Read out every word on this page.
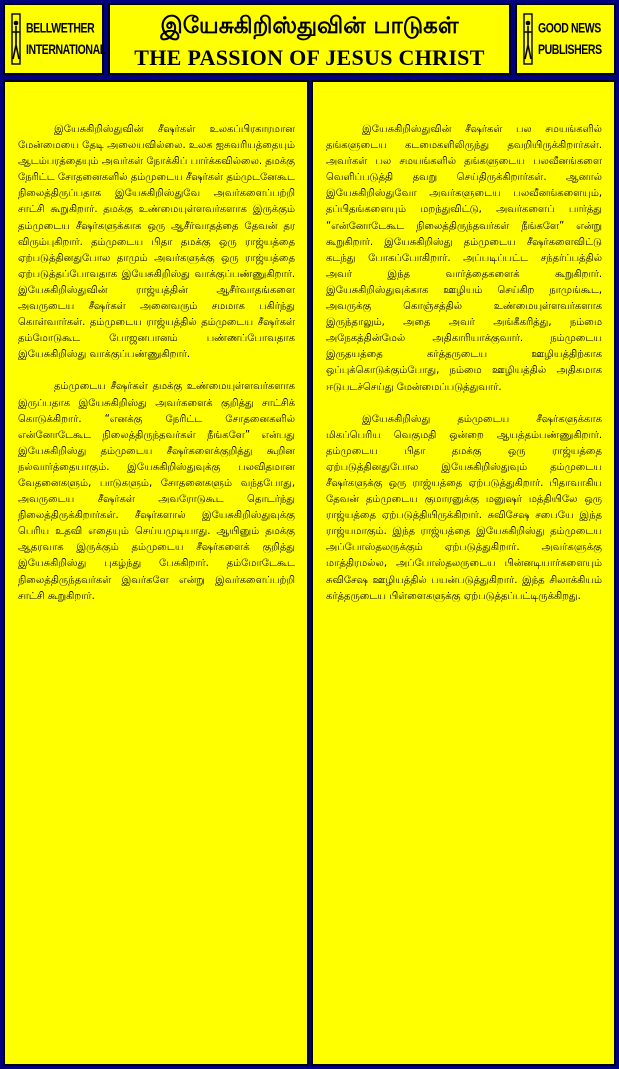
BELLWETHER
INTERNATIONAL
இயேசுகிறிஸ்துவின் பாடுகள்
THE PASSION OF JESUS CHRIST
GOOD NEWS
PUBLISHERS

இயேசுகிறிஸ்துவின் சீஷர்கள் உலகப்பிரகாரமான மேன்மையை தேடி அலையவில்லை. உலக ஐசுவரியத்தையும் ஆடம்பரத்தையும் அவர்கள் நோக்கிப் பார்க்கவில்லை. தமக்கு நேரிட்ட சோதனைகளில் தம்முடைய சீஷர்கள் தம்முடனேகூட நிலைத்திருப்பதாக இயேசுகிறிஸ்துவே அவர்களைப்பற்றி சாட்சி கூறுகிறார். தமக்கு உண்மையுள்ளவர்களாக இருக்கும் தம்முடைய சீஷர்களுக்காக ஒரு ஆசீர்வாதத்தை தேவன் தர விரும்புகிறார். தம்முடைய பிதா தமக்கு ஒரு ராஜ்யத்தை ஏற்படுத்தினதுபோல தாமும் அவர்களுக்கு ஒரு ராஜ்யத்தை ஏற்படுத்தப்போவதாக இயேசுகிறிஸ்து வாக்குப்பண்ணுகிறார். இயேசுகிறிஸ்துவின் ராஜ்யத்தின் ஆசீர்வாதங்களை அவருடைய சீஷர்கள் அனைவரும் சமமாக பகிர்ந்து கொள்வார்கள். தம்முடைய ராஜ்யத்தில் தம்முடைய சீஷர்கள் தம்மோடுகூட போஜனபானம் பண்ணப்போவதாக இயேசுகிறிஸ்து வாக்குப்பண்ணுகிறார்.

தம்முடைய சீஷர்கள் தமக்கு உண்மையுள்ளவர்களாக இருப்பதாக இயேசுகிறிஸ்து அவர்களைக் குறித்து சாட்சிக் கொடுக்கிறார். “எனக்கு நேரிட்ட சோதனைகளில் என்னோடேகூட நிலைத்திருந்தவர்கள் நீங்களே” என்பது இயேசுகிறிஸ்து தம்முடைய சீஷர்களைக்குறித்து கூறின நல்வார்த்தையாகும். இயேசுகிறிஸ்துவுக்கு பலவிதமான வேதனைகளும், பாடுகளும், சோதனைகளும் வந்தபோது, அவருடைய சீஷர்கள் அவரோடுகூட தொடர்ந்து நிலைத்திருக்கிறார்கள். சீஷர்களால் இயேசுகிறிஸ்துவுக்கு பெரிய உதவி எதையும் செய்யமுடியாது. ஆயினும் தமக்கு ஆதரவாக இருக்கும் தம்முடைய சீஷர்களைக் குறித்து இயேசுகிறிஸ்து புகழ்ந்து பேசுகிறார். தம்மோடேகூட நிலைத்திருந்தவர்கள் இவர்களே என்று இவர்களைப்பற்றி சாட்சி கூறுகிறார்.

இயேசுகிறிஸ்துவின் சீஷர்கள் பல சமயங்களில் தங்களுடைய கடமைகளிலிருந்து தவறியிருக்கிறார்கள். அவர்கள் பல சமயங்களில் தங்களுடைய பலவீனங்களை வெளிப்படுத்தி தவறு செய்திருக்கிறார்கள். ஆனால் இயேசுகிறிஸ்துவோ அவர்களுடைய பலவீனங்களையும், தப்பிதங்களையும் மறந்துவிட்டு, அவர்களைப் பார்த்து “என்னோடேகூட நிலைத்திருந்தவர்கள் நீங்களே” என்று கூறுகிறார். இயேசுகிறிஸ்து தம்முடைய சீஷர்களைவிட்டு கடந்து போகப்போகிறார். அப்படிப்பட்ட சந்தர்ப்பத்தில் அவர் இந்த வார்த்தைகளைக் கூறுகிறார். இயேசுகிறிஸ்துவுக்காக ஊழியம் செய்கிற நாமுங்கூட, அவருக்கு கொஞ்சத்தில் உண்மையுள்ளவர்களாக இருந்தாலும், அதை அவர் அங்கீகரித்து, நம்மை அநேகத்தின்மேல் அதிகாரியாக்குவார். நம்முடைய இருதயத்தை கர்த்தருடைய ஊழியத்திற்காக ஒப்புக்கொடுக்கும்போது, நம்மை ஊழியத்தில் அதிகமாக ஈடுபடச்செய்து மேன்மைப்படுத்துவார்.

இயேசுகிறிஸ்து தம்முடைய சீஷர்களுக்காக மிகப்பெரிய வெகுமதி ஒன்றை ஆயத்தம்பண்ணுகிறார். தம்முடைய பிதா தமக்கு ஒரு ராஜ்யத்தை ஏற்படுத்தினதுபோல இயேசுகிறிஸ்துவும் தம்முடைய சீஷர்களுக்கு ஒரு ராஜ்யத்தை ஏற்படுத்துகிறார். பிதாவாகிய தேவன் தம்முடைய குமாரனுக்கு மனுஷர் மத்தியிலே ஒரு ராஜ்யத்தை ஏற்படுத்தியிருக்கிறார். சுவிசேஷ சபையே இந்த ராஜ்யமாகும். இந்த ராஜ்யத்தை இயேசுகிறிஸ்து தம்முடைய அப்போஸ்தலருக்கும் ஏற்படுத்துகிறார். அவர்களுக்கு மாத்திரமல்ல, அப்போஸ்தலருடைய பின்னடியார்களையும் சுவிசேஷ ஊழியத்தில் பயன்படுத்துகிறார். இந்த சிலாக்கியம் கர்த்தருடைய பிள்ளைகளுக்கு ஏற்படுத்தப்பட்டிருக்கிறது.
